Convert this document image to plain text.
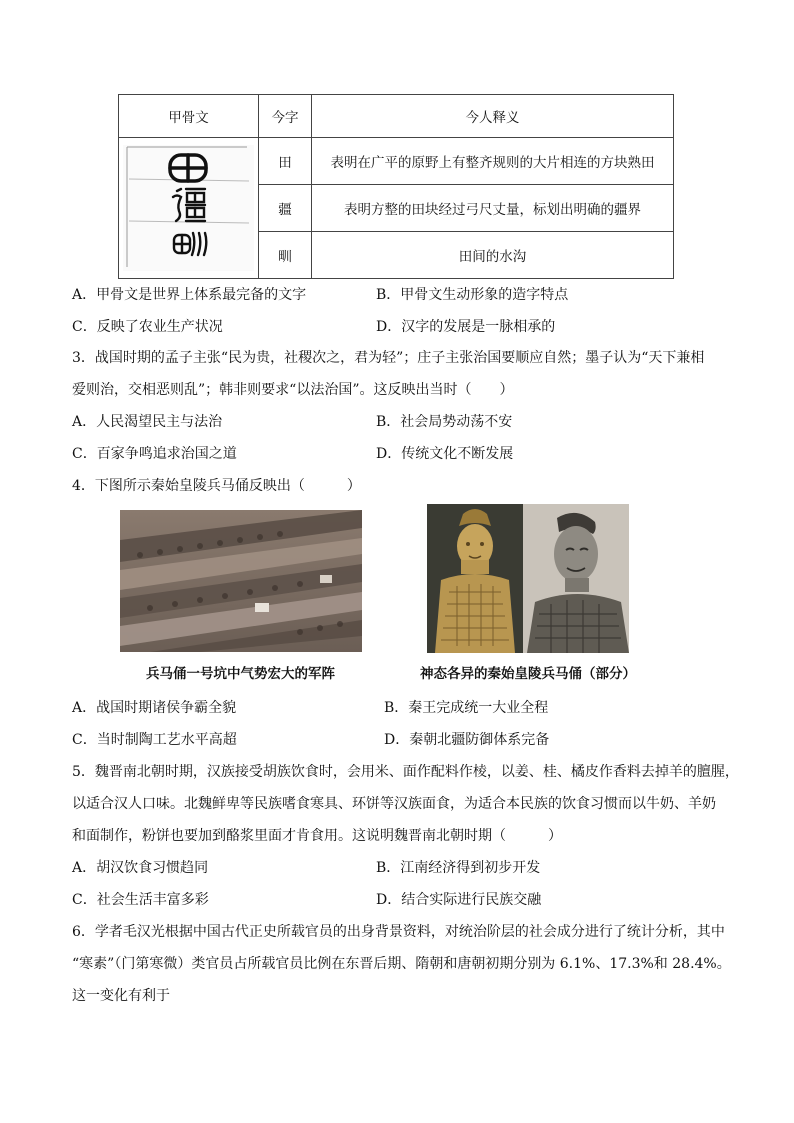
甲骨文	今字	今人释义

	田	表明在广平的原野上有整齐规则的大片相连的方块熟田
	疆	表明方整的田块经过弓尺丈量，标划出明确的疆界
	甽	田间的水沟
A．甲骨文是世界上体系最完备的文字	B．甲骨文生动形象的造字特点
C．反映了农业生产状况	D．汉字的发展是一脉相承的
3．战国时期的孟子主张“民为贵，社稷次之，君为轻”；庄子主张治国要顺应自然；墨子认为“天下兼相
爱则治，交相恶则乱”；韩非则要求“以法治国”。这反映出当时（　　）
A．人民渴望民主与法治	B．社会局势动荡不安
C．百家争鸣追求治国之道	D．传统文化不断发展
4．下图所示秦始皇陵兵马俑反映出（　　　）
兵马俑一号坑中气势宏大的军阵	神态各异的秦始皇陵兵马俑（部分）
A．战国时期诸侯争霸全貌	B．秦王完成统一大业全程
C．当时制陶工艺水平高超	D．秦朝北疆防御体系完备
5．魏晋南北朝时期，汉族接受胡族饮食时，会用米、面作配料作棱，以姜、桂、橘皮作香料去掉羊的膻腥，
以适合汉人口味。北魏鲜卑等民族嗜食寒具、环饼等汉族面食，为适合本民族的饮食习惯而以牛奶、羊奶
和面制作，粉饼也要加到酪浆里面才肯食用。这说明魏晋南北朝时期（　　　）
A．胡汉饮食习惯趋同	B．江南经济得到初步开发
C．社会生活丰富多彩	D．结合实际进行民族交融
6．学者毛汉光根据中国古代正史所载官员的出身背景资料，对统治阶层的社会成分进行了统计分析，其中
“寒素”（门第寒微）类官员占所载官员比例在东晋后期、隋朝和唐朝初期分别为 6.1%、17.3%和 28.4%。
这一变化有利于
